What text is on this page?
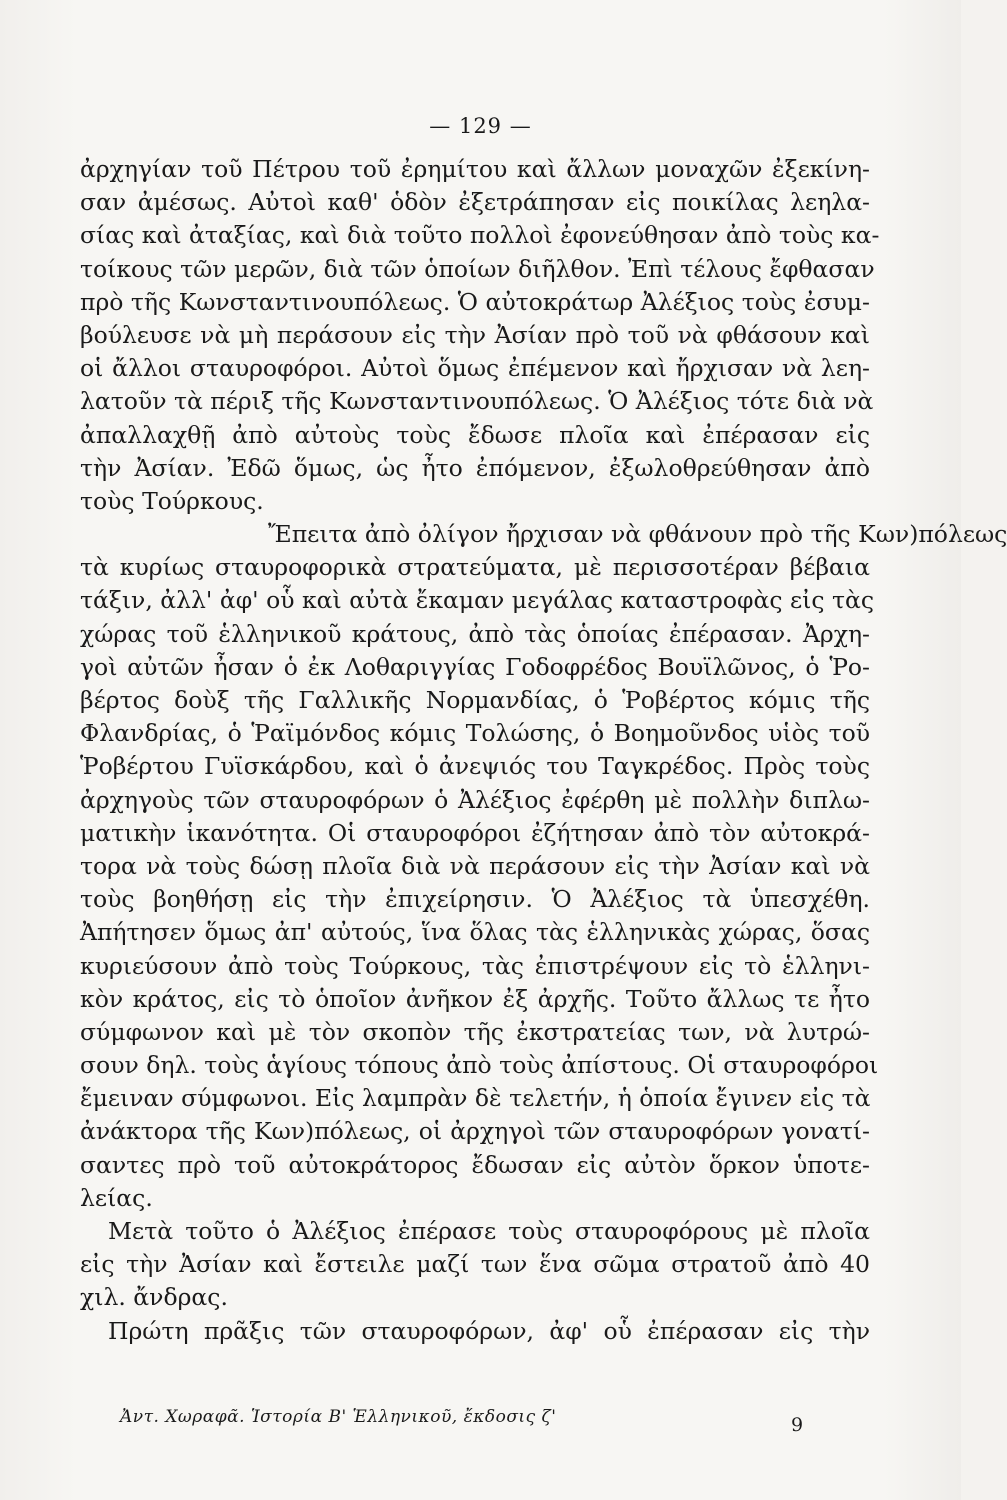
— 129 —
ἀρχηγίαν τοῦ Πέτρου τοῦ ἐρημίτου καὶ ἄλλων μοναχῶν ἐξεκίνη-
σαν ἀμέσως. Αὐτοὶ καθ' ὁδὸν ἐξετράπησαν εἰς ποικίλας λεηλα-
σίας καὶ ἀταξίας, καὶ διὰ τοῦτο πολλοὶ ἐφονεύθησαν ἀπὸ τοὺς κα-
τοίκους τῶν μερῶν, διὰ τῶν ὁποίων διῆλθον. Ἐπὶ τέλους ἔφθασαν
πρὸ τῆς Κωνσταντινουπόλεως. Ὁ αὐτοκράτωρ Ἀλέξιος τοὺς ἐσυμ-
βούλευσε νὰ μὴ περάσουν εἰς τὴν Ἀσίαν πρὸ τοῦ νὰ φθάσουν καὶ
οἱ ἄλλοι σταυροφόροι. Αὐτοὶ ὅμως ἐπέμενον καὶ ἤρχισαν νὰ λεη-
λατοῦν τὰ πέριξ τῆς Κωνσταντινουπόλεως. Ὁ Ἀλέξιος τότε διὰ νὰ
ἀπαλλαχθῇ ἀπὸ αὐτοὺς τοὺς ἔδωσε πλοῖα καὶ ἐπέρασαν εἰς
τὴν Ἀσίαν. Ἐδῶ ὅμως, ὡς ἦτο ἐπόμενον, ἐξωλοθρεύθησαν ἀπὸ
τοὺς Τούρκους.
Ἔπειτα ἀπὸ ὀλίγον ἤρχισαν νὰ φθάνουν πρὸ τῆς Κων)πόλεως
τὰ κυρίως σταυροφορικὰ στρατεύματα, μὲ περισσοτέραν βέβαια
τάξιν, ἀλλ' ἀφ' οὗ καὶ αὐτὰ ἔκαμαν μεγάλας καταστροφὰς εἰς τὰς
χώρας τοῦ ἑλληνικοῦ κράτους, ἀπὸ τὰς ὁποίας ἐπέρασαν. Ἀρχη-
γοὶ αὐτῶν ἦσαν ὁ ἐκ Λοθαριγγίας Γοδοφρέδος Βουϊλῶνος, ὁ Ῥο-
βέρτος δοὺξ τῆς Γαλλικῆς Νορμανδίας, ὁ Ῥοβέρτος κόμις τῆς
Φλανδρίας, ὁ Ῥαϊμόνδος κόμις Τολώσης, ὁ Βοημοῦνδος υἱὸς τοῦ
Ῥοβέρτου Γυϊσκάρδου, καὶ ὁ ἀνεψιός του Ταγκρέδος. Πρὸς τοὺς
ἀρχηγοὺς τῶν σταυροφόρων ὁ Ἀλέξιος ἐφέρθη μὲ πολλὴν διπλω-
ματικὴν ἱκανότητα. Οἱ σταυροφόροι ἐζήτησαν ἀπὸ τὸν αὐτοκρά-
τορα νὰ τοὺς δώσῃ πλοῖα διὰ νὰ περάσουν εἰς τὴν Ἀσίαν καὶ νὰ
τοὺς βοηθήσῃ εἰς τὴν ἐπιχείρησιν. Ὁ Ἀλέξιος τὰ ὑπεσχέθη.
Ἀπήτησεν ὅμως ἀπ' αὐτούς, ἵνα ὅλας τὰς ἑλληνικὰς χώρας, ὅσας
κυριεύσουν ἀπὸ τοὺς Τούρκους, τὰς ἐπιστρέψουν εἰς τὸ ἑλληνι-
κὸν κράτος, εἰς τὸ ὁποῖον ἀνῆκον ἐξ ἀρχῆς. Τοῦτο ἄλλως τε ἦτο
σύμφωνον καὶ μὲ τὸν σκοπὸν τῆς ἐκστρατείας των, νὰ λυτρώ-
σουν δηλ. τοὺς ἁγίους τόπους ἀπὸ τοὺς ἀπίστους. Οἱ σταυροφόροι
ἔμειναν σύμφωνοι. Εἰς λαμπρὰν δὲ τελετήν, ἡ ὁποία ἔγινεν εἰς τὰ
ἀνάκτορα τῆς Κων)πόλεως, οἱ ἀρχηγοὶ τῶν σταυροφόρων γονατί-
σαντες πρὸ τοῦ αὐτοκράτορος ἔδωσαν εἰς αὐτὸν ὅρκον ὑποτε-
λείας.
Μετὰ τοῦτο ὁ Ἀλέξιος ἐπέρασε τοὺς σταυροφόρους μὲ πλοῖα
εἰς τὴν Ἀσίαν καὶ ἔστειλε μαζί των ἕνα σῶμα στρατοῦ ἀπὸ 40
χιλ. ἄνδρας.
Πρώτη πρᾶξις τῶν σταυροφόρων, ἀφ' οὗ ἐπέρασαν εἰς τὴν
Ἀντ. Χωραφᾶ. Ἱστορία Β' Ἑλληνικοῦ, ἔκδοσις ζ'	9
